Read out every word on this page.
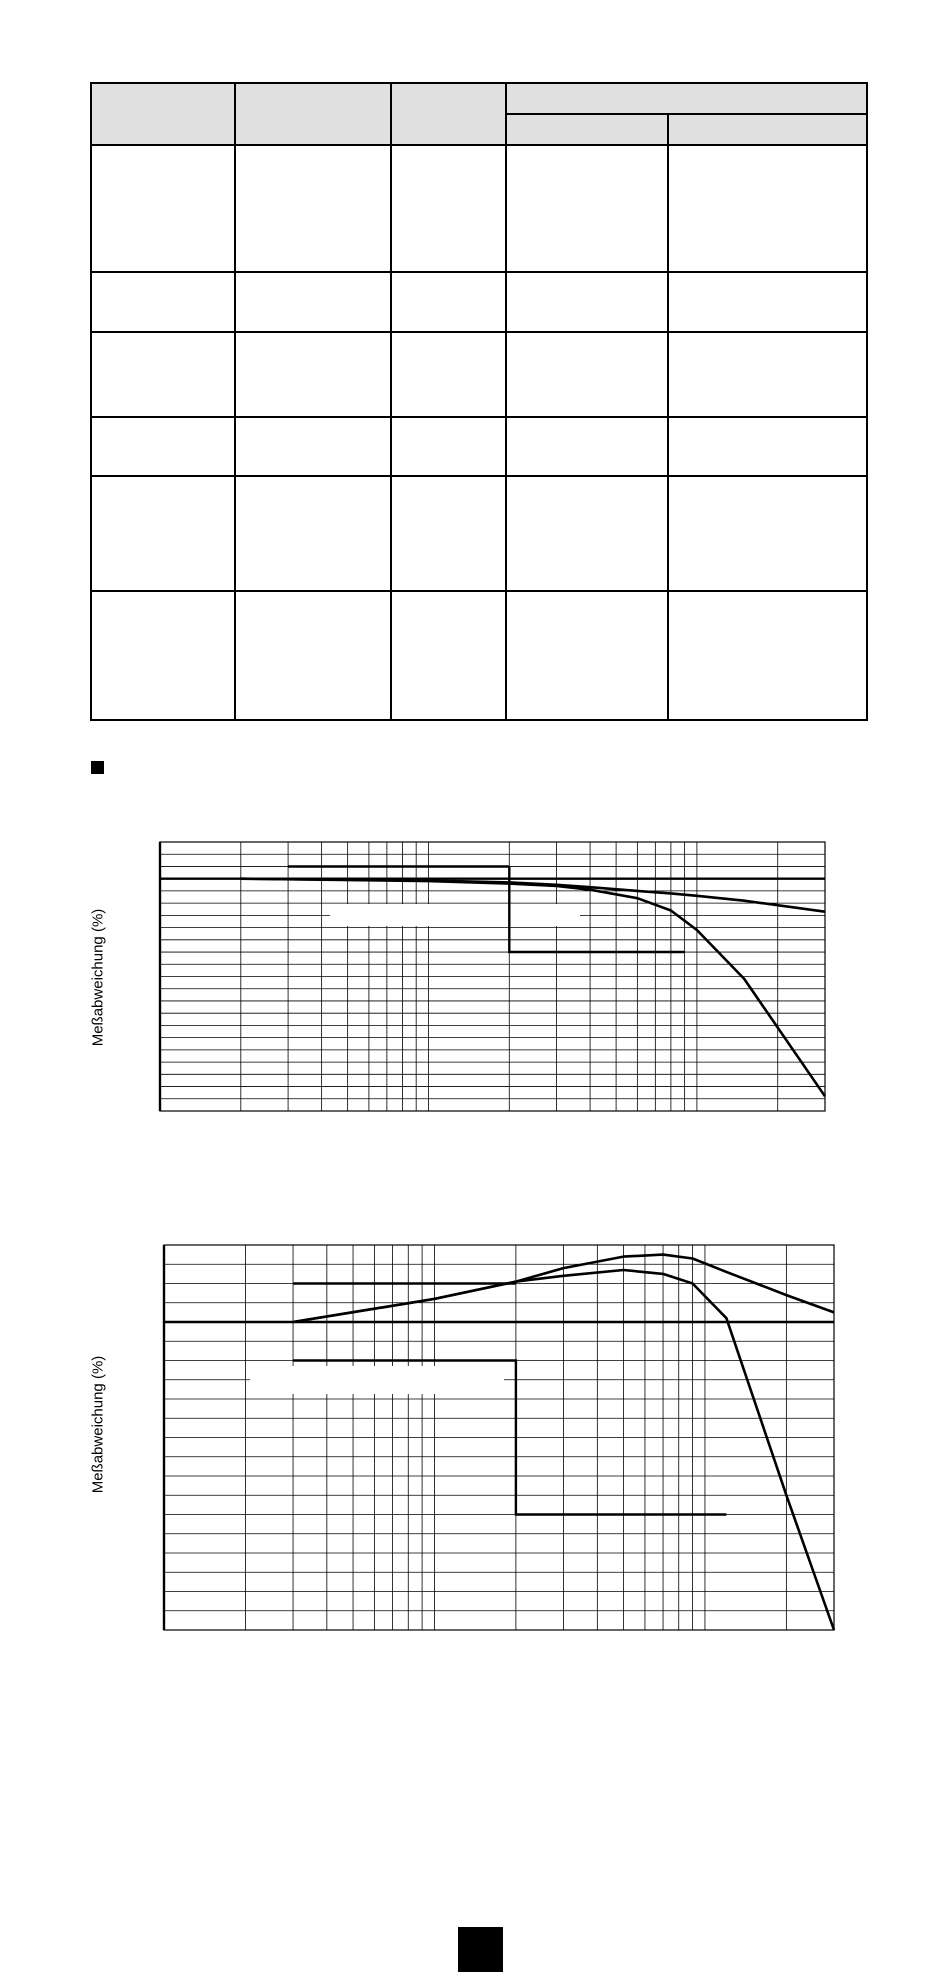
Meßabweichung (%)
Meßabweichung (%)
